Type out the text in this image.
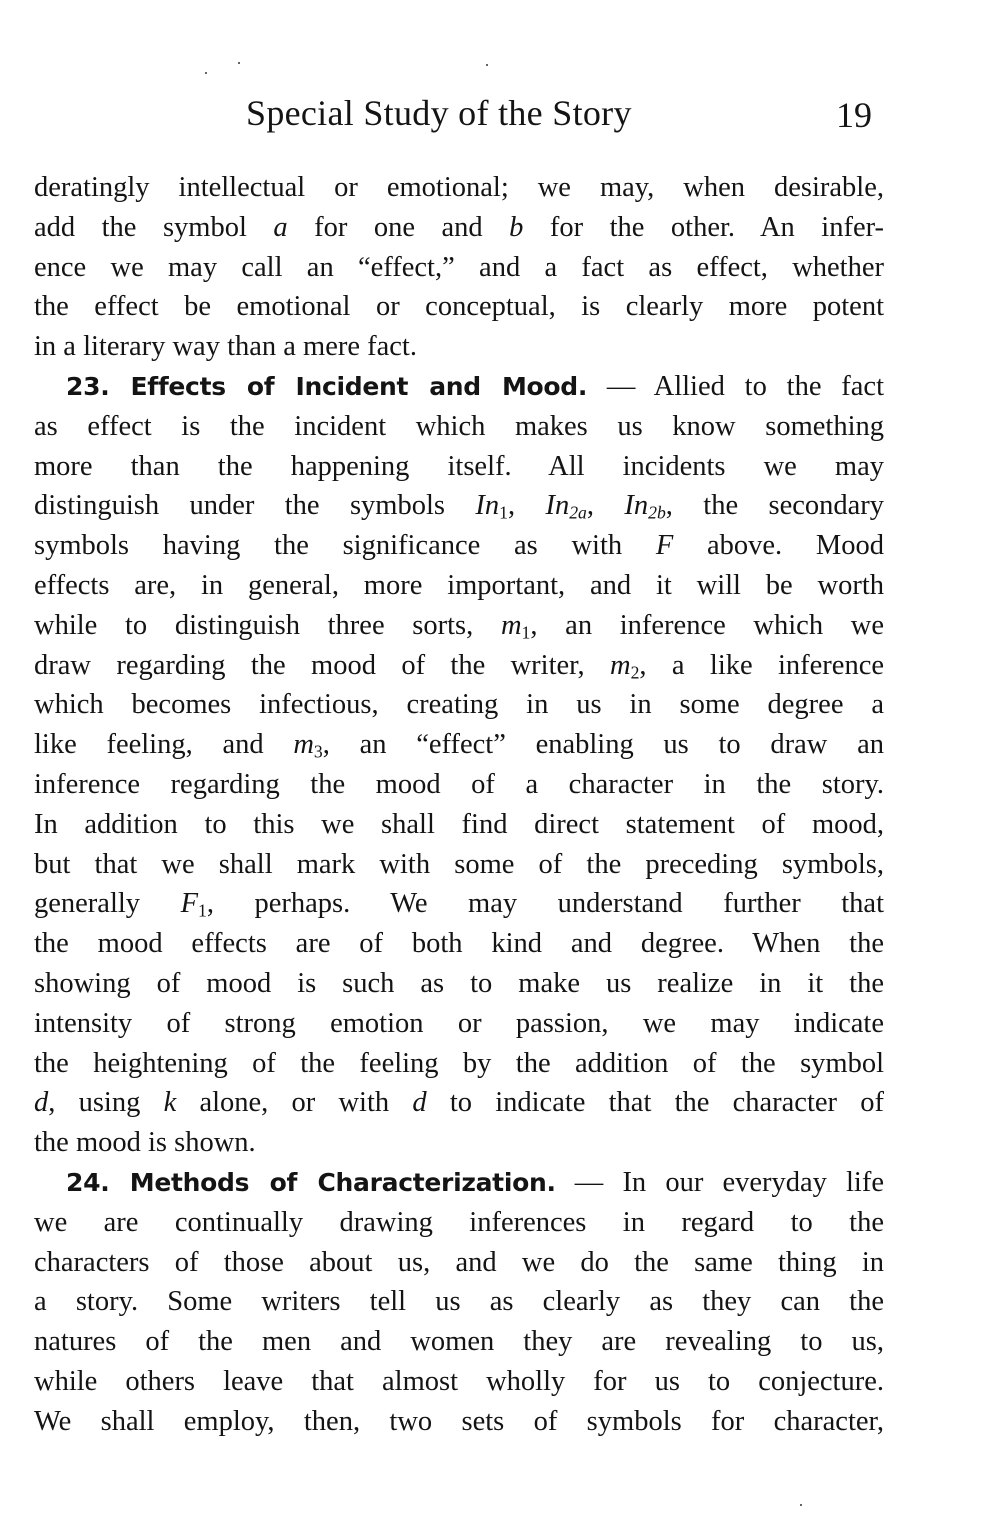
Special Study of the Story	19
deratingly intellectual or emotional; we may, when desirable,
add the symbol a for one and b for the other. An infer-
ence we may call an “effect,” and a fact as effect, whether
the effect be emotional or conceptual, is clearly more potent
in a literary way than a mere fact.
23. Effects of Incident and Mood. — Allied to the fact
as effect is the incident which makes us know something
more than the happening itself. All incidents we may
distinguish under the symbols $In_1$, $In_{2a}$, $In_{2b}$, the secondary
symbols having the significance as with F above. Mood
effects are, in general, more important, and it will be worth
while to distinguish three sorts, $m_1$, an inference which we
draw regarding the mood of the writer, $m_2$, a like inference
which becomes infectious, creating in us in some degree a
like feeling, and $m_3$, an “effect” enabling us to draw an
inference regarding the mood of a character in the story.
In addition to this we shall find direct statement of mood,
but that we shall mark with some of the preceding symbols,
generally $F_1$, perhaps. We may understand further that
the mood effects are of both kind and degree. When the
showing of mood is such as to make us realize in it the
intensity of strong emotion or passion, we may indicate
the heightening of the feeling by the addition of the symbol
d, using k alone, or with d to indicate that the character of
the mood is shown.
24. Methods of Characterization. — In our everyday life
we are continually drawing inferences in regard to the
characters of those about us, and we do the same thing in
a story. Some writers tell us as clearly as they can the
natures of the men and women they are revealing to us,
while others leave that almost wholly for us to conjecture.
We shall employ, then, two sets of symbols for character,
